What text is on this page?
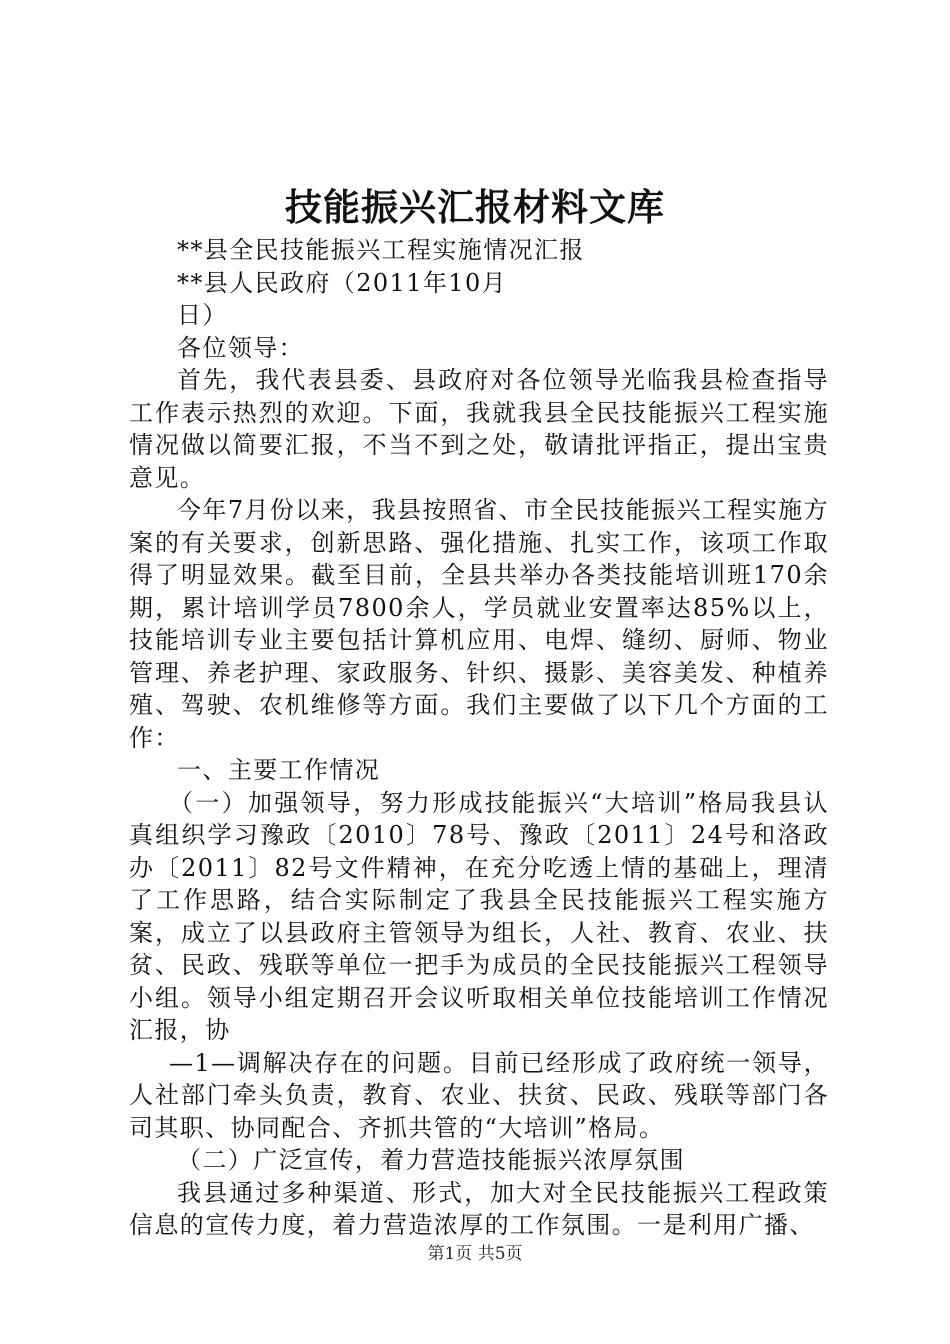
技能振兴汇报材料文库

**县全民技能振兴工程实施情况汇报

**县人民政府（2011年10月

日）

各位领导：

首先，我代表县委、县政府对各位领导光临我县检查指导工作表示热烈的欢迎。下面，我就我县全民技能振兴工程实施情况做以简要汇报，不当不到之处，敬请批评指正，提出宝贵意见。

今年7月份以来，我县按照省、市全民技能振兴工程实施方案的有关要求，创新思路、强化措施、扎实工作，该项工作取得了明显效果。截至目前，全县共举办各类技能培训班170余期，累计培训学员7800余人，学员就业安置率达85%以上，技能培训专业主要包括计算机应用、电焊、缝纫、厨师、物业管理、养老护理、家政服务、针织、摄影、美容美发、种植养殖、驾驶、农机维修等方面。我们主要做了以下几个方面的工作：

一、主要工作情况

（一）加强领导，努力形成技能振兴“大培训”格局我县认真组织学习豫政〔2010〕78号、豫政〔2011〕24号和洛政办〔2011〕82号文件精神，在充分吃透上情的基础上，理清了工作思路，结合实际制定了我县全民技能振兴工程实施方案，成立了以县政府主管领导为组长，人社、教育、农业、扶贫、民政、残联等单位一把手为成员的全民技能振兴工程领导小组。领导小组定期召开会议听取相关单位技能培训工作情况汇报，协

—1—调解决存在的问题。目前已经形成了政府统一领导，人社部门牵头负责，教育、农业、扶贫、民政、残联等部门各司其职、协同配合、齐抓共管的“大培训”格局。

（二）广泛宣传，着力营造技能振兴浓厚氛围

我县通过多种渠道、形式，加大对全民技能振兴工程政策信息的宣传力度，着力营造浓厚的工作氛围。一是利用广播、

第1页 共5页
